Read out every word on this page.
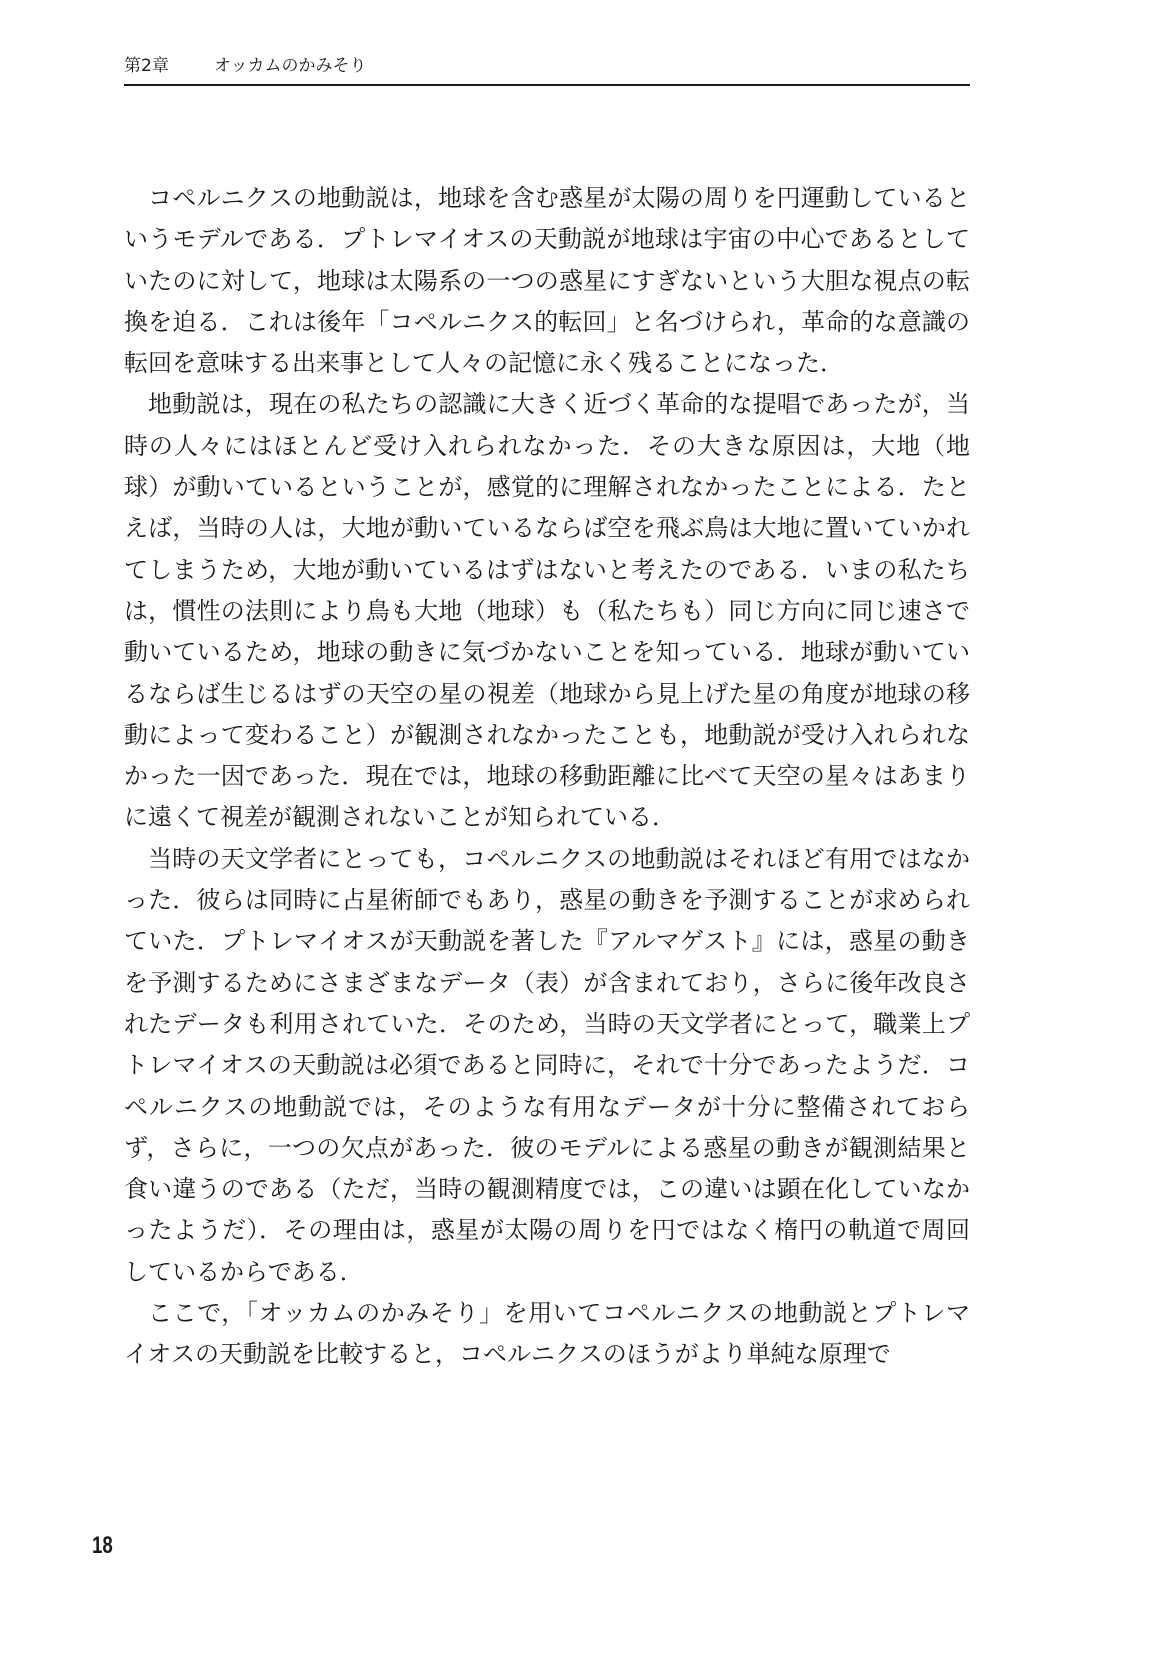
第2章	オッカムのかみそり

コペルニクスの地動説は，地球を含む惑星が太陽の周りを円運動しているというモデルである．プトレマイオスの天動説が地球は宇宙の中心であるとしていたのに対して，地球は太陽系の一つの惑星にすぎないという大胆な視点の転換を迫る．これは後年「コペルニクス的転回」と名づけられ，革命的な意識の転回を意味する出来事として人々の記憶に永く残ることになった．

地動説は，現在の私たちの認識に大きく近づく革命的な提唱であったが，当時の人々にはほとんど受け入れられなかった．その大きな原因は，大地（地球）が動いているということが，感覚的に理解されなかったことによる．たとえば，当時の人は，大地が動いているならば空を飛ぶ鳥は大地に置いていかれてしまうため，大地が動いているはずはないと考えたのである．いまの私たちは，慣性の法則により鳥も大地（地球）も（私たちも）同じ方向に同じ速さで動いているため，地球の動きに気づかないことを知っている．地球が動いているならば生じるはずの天空の星の視差（地球から見上げた星の角度が地球の移動によって変わること）が観測されなかったことも，地動説が受け入れられなかった一因であった．現在では，地球の移動距離に比べて天空の星々はあまりに遠くて視差が観測されないことが知られている．

当時の天文学者にとっても，コペルニクスの地動説はそれほど有用ではなかった．彼らは同時に占星術師でもあり，惑星の動きを予測することが求められていた．プトレマイオスが天動説を著した『アルマゲスト』には，惑星の動きを予測するためにさまざまなデータ（表）が含まれており，さらに後年改良されたデータも利用されていた．そのため，当時の天文学者にとって，職業上プトレマイオスの天動説は必須であると同時に，それで十分であったようだ．コペルニクスの地動説では，そのような有用なデータが十分に整備されておらず，さらに，一つの欠点があった．彼のモデルによる惑星の動きが観測結果と食い違うのである（ただ，当時の観測精度では，この違いは顕在化していなかったようだ）．その理由は，惑星が太陽の周りを円ではなく楕円の軌道で周回しているからである．

ここで，「オッカムのかみそり」を用いてコペルニクスの地動説とプトレマイオスの天動説を比較すると，コペルニクスのほうがより単純な原理で

18
